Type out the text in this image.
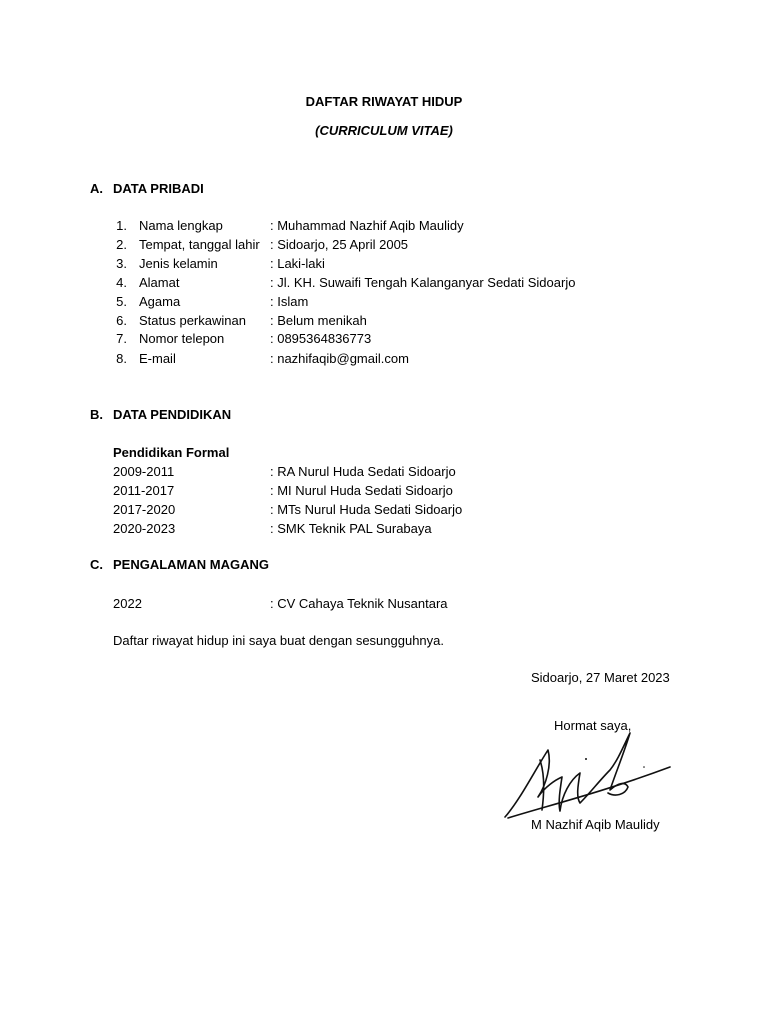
DAFTAR RIWAYAT HIDUP
(CURRICULUM VITAE)
A. DATA PRIBADI
1. Nama lengkap	: Muhammad Nazhif Aqib Maulidy
2. Tempat, tanggal lahir : Sidoarjo, 25 April 2005
3. Jenis kelamin	: Laki-laki
4. Alamat	: Jl. KH. Suwaifi Tengah Kalanganyar Sedati Sidoarjo
5. Agama	: Islam
6. Status perkawinan : Belum menikah
7. Nomor telepon	: 0895364836773
8. E-mail	: nazhifaqib@gmail.com
B. DATA PENDIDIKAN
Pendidikan Formal
2009-2011	: RA Nurul Huda Sedati Sidoarjo
2011-2017	: MI Nurul Huda Sedati Sidoarjo
2017-2020	: MTs Nurul Huda Sedati Sidoarjo
2020-2023	: SMK Teknik PAL Surabaya
C. PENGALAMAN MAGANG
2022	: CV Cahaya Teknik Nusantara
Daftar riwayat hidup ini saya buat dengan sesungguhnya.
Sidoarjo, 27 Maret 2023
Hormat saya,
M Nazhif Aqib Maulidy
